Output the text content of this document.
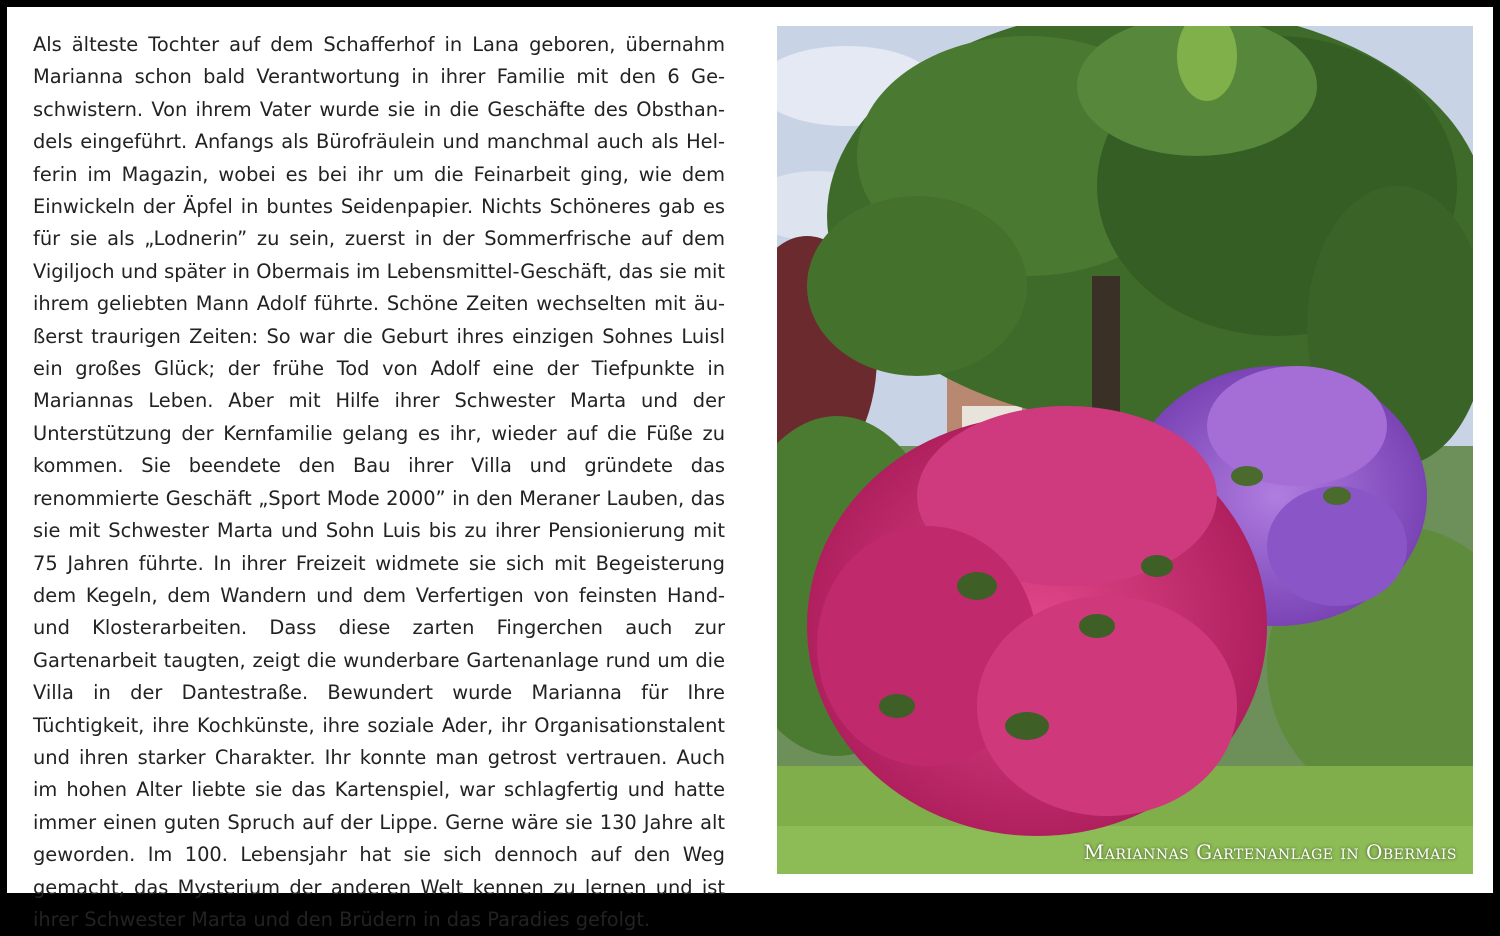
Als älteste Tochter auf dem Schafferhof in Lana geboren, übernahm Marianna schon bald Verantwortung in ihrer Familie mit den 6 Geschwistern. Von ihrem Vater wurde sie in die Geschäfte des Obsthandels eingeführt. Anfangs als Bürofräulein und manchmal auch als Helferin im Magazin, wobei es bei ihr um die Feinarbeit ging, wie dem Einwickeln der Äpfel in buntes Seidenpapier. Nichts Schöneres gab es für sie als „Lodnerin” zu sein, zuerst in der Sommerfrische auf dem Vigiljoch und später in Obermais im Lebensmittel-Geschäft, das sie mit ihrem geliebten Mann Adolf führte. Schöne Zeiten wechselten mit äußerst traurigen Zeiten: So war die Geburt ihres einzigen Sohnes Luisl ein großes Glück; der frühe Tod von Adolf eine der Tiefpunkte in Mariannas Leben. Aber mit Hilfe ihrer Schwester Marta und der Unterstützung der Kernfamilie gelang es ihr, wieder auf die Füße zu kommen. Sie beendete den Bau ihrer Villa und gründete das renommierte Geschäft „Sport Mode 2000” in den Meraner Lauben, das sie mit Schwester Marta und Sohn Luis bis zu ihrer Pensionierung mit 75 Jahren führte. In ihrer Freizeit widmete sie sich mit Begeisterung dem Kegeln, dem Wandern und dem Verfertigen von feinsten Hand- und Klosterarbeiten. Dass diese zarten Fingerchen auch zur Gartenarbeit taugten, zeigt die wunderbare Gartenanlage rund um die Villa in der Dantestraße. Bewundert wurde Marianna für Ihre Tüchtigkeit, ihre Kochkünste, ihre soziale Ader, ihr Organisationstalent und ihren starker Charakter. Ihr konnte man getrost vertrauen. Auch im hohen Alter liebte sie das Kartenspiel, war schlagfertig und hatte immer einen guten Spruch auf der Lippe. Gerne wäre sie 130 Jahre alt geworden. Im 100. Lebensjahr hat sie sich dennoch auf den Weg gemacht, das Mysterium der anderen Welt kennen zu lernen und ist ihrer Schwester Marta und den Brüdern in das Paradies gefolgt.
Mariannas Gartenanlage in Obermais
